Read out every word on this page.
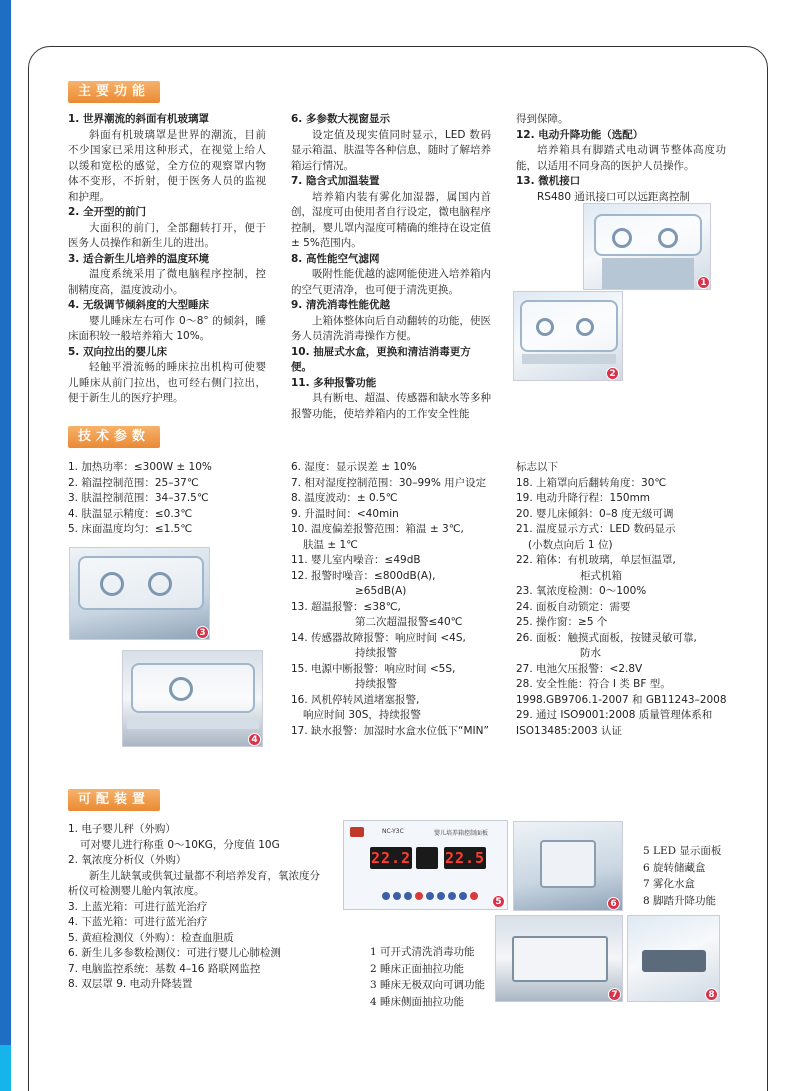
主要功能
1. 世界潮流的斜面有机玻璃罩
斜面有机玻璃罩是世界的潮流，目前不少国家已采用这种形式，在视觉上给人以缓和宽松的感觉，全方位的观察罩内物体不变形，不折射，便于医务人员的监视和护理。
2. 全开型的前门
大面积的前门，全部翻转打开，便于医务人员操作和新生儿的进出。
3. 适合新生儿培养的温度环境
温度系统采用了微电脑程序控制，控制精度高，温度波动小。
4. 无级调节倾斜度的大型睡床
婴儿睡床左右可作 0～8° 的倾斜，睡床面积较一般培养箱大 10%。
5. 双向拉出的婴儿床
轻触平滑流畅的睡床拉出机构可使婴儿睡床从前门拉出，也可经右侧门拉出，便于新生儿的医疗护理。
6. 多参数大视窗显示
设定值及现实值同时显示，LED 数码显示箱温、肤温等各种信息，随时了解培养箱运行情况。
7. 隐含式加温装置
培养箱内装有雾化加湿器，属国内首创，湿度可由使用者自行设定，微电脑程序控制，婴儿罩内湿度可精确的维持在设定值 ± 5%范围内。
8. 高性能空气滤网
吸附性能优越的滤网能使进入培养箱内的空气更清净，也可便于清洗更换。
9. 清洗消毒性能优越
上箱体整体向后自动翻转的功能，使医务人员清洗消毒操作方便。
10. 抽屉式水盒，更换和清洁消毒更方便。
11. 多种报警功能
具有断电、超温、传感器和缺水等多种报警功能，使培养箱内的工作安全性能
得到保障。
12. 电动升降功能（选配）
培养箱具有脚踏式电动调节整体高度功能，以适用不同身高的医护人员操作。
13. 微机接口
RS480 通讯接口可以远距离控制
1
2
技术参数
1. 加热功率：≤300W ± 10%
2. 箱温控制范围：25–37℃
3. 肤温控制范围：34–37.5℃
4. 肤温显示精度：≤0.3℃
5. 床面温度均匀：≤1.5℃
6. 湿度：显示误差 ± 10%
7. 相对湿度控制范围：30–99% 用户设定
8. 温度波动：± 0.5℃
9. 升温时间：<40min
10. 温度偏差报警范围：箱温 ± 3℃,
肤温 ± 1℃
11. 婴儿室内噪音：≤49dB
12. 报警时噪音：≤800dB(A),
≥65dB(A)
13. 超温报警：≤38℃,
第二次超温报警≤40℃
14. 传感器故障报警：响应时间 <4S,
持续报警
15. 电源中断报警：响应时间 <5S,
持续报警
16. 风机停转风道堵塞报警,
响应时间 30S，持续报警
17. 缺水报警：加湿时水盒水位低下“MIN”
标志以下
18. 上箱罩向后翻转角度：30℃
19. 电动升降行程：150mm
20. 婴儿床倾斜：0–8 度无级可调
21. 温度显示方式：LED 数码显示
(小数点向后 1 位)
22. 箱体：有机玻璃，单层恒温罩,
柜式机箱
23. 氧浓度检测：0～100%
24. 面板自动锁定：需要
25. 操作窗：≥5 个
26. 面板：触摸式面板，按键灵敏可靠,
防水
27. 电池欠压报警：<2.8V
28. 安全性能：符合 I 类 BF 型。
1998.GB9706.1-2007 和 GB11243–2008
29. 通过 ISO9001:2008 质量管理体系和
ISO13485:2003 认证
3
4
可配装置
1. 电子婴儿秤（外购）
可对婴儿进行称重 0～10KG，分度值 10G
2. 氧浓度分析仪（外购）
新生儿缺氧或供氧过量都不利培养发育，氧浓度分析仪可检测婴儿舱内氧浓度。
3. 上蓝光箱：可进行蓝光治疗
4. 下蓝光箱：可进行蓝光治疗
5. 黄疸检测仪（外购）：检查血胆质
6. 新生儿多参数检测仪：可进行婴儿心肺检测
7. 电脑监控系统：基数 4–16 路联网监控
8. 双层罩 9. 电动升降装置
NC-Y3C	婴儿培养箱控制面板
22.2 22.5
5	6
5 LED 显示面板
6 旋转储藏盒
7 雾化水盒
8 脚踏升降功能
7	8
1 可开式清洗消毒功能
2 睡床正面抽拉功能
3 睡床无极双向可调功能
4 睡床侧面抽拉功能
